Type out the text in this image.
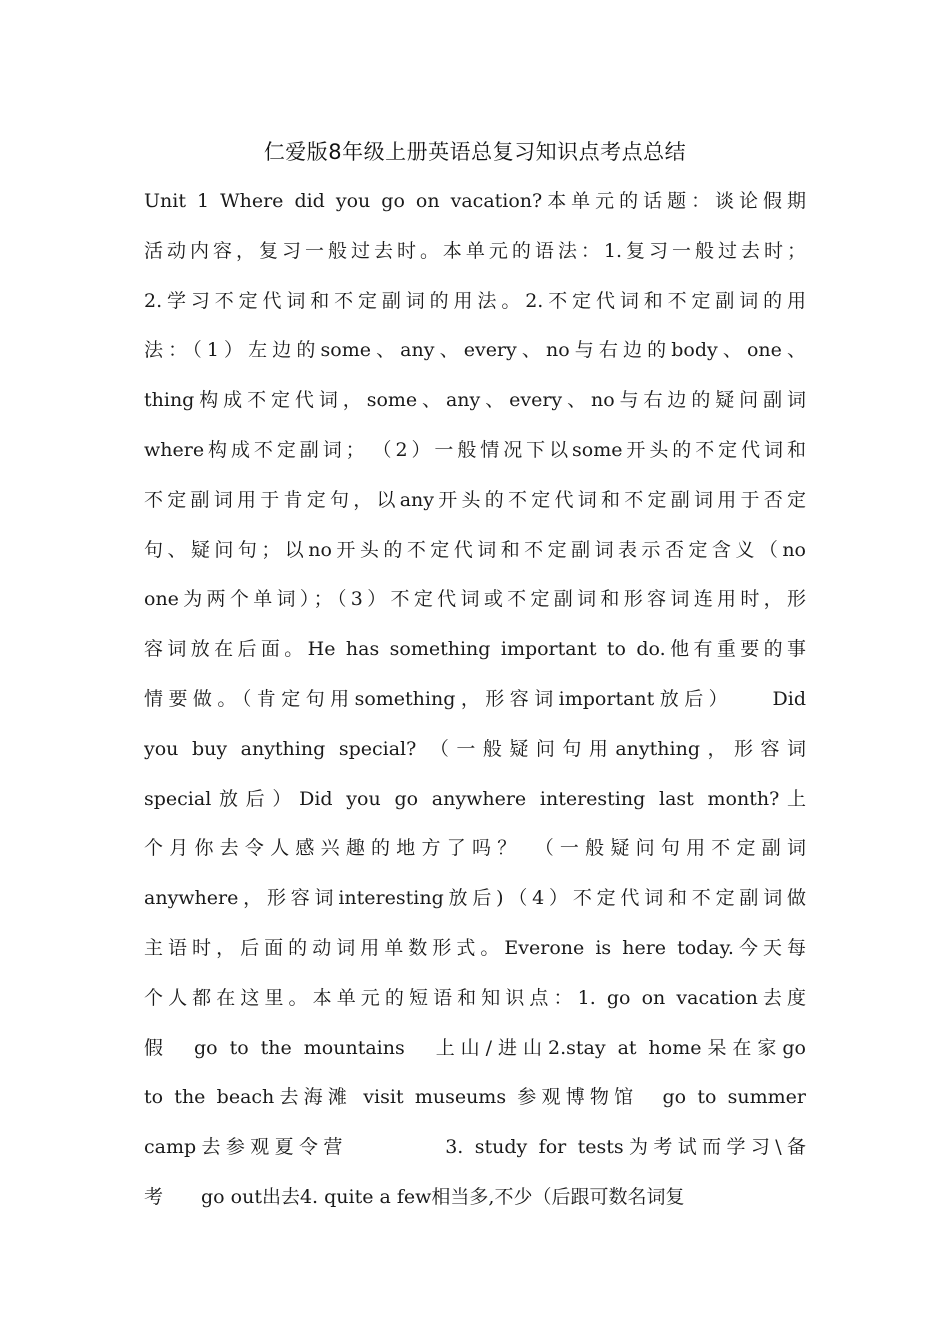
仁爱版8年级上册英语总复习知识点考点总结
Unit 1 Where did you go on vacation?本单元的话题：谈论假期
活动内容，复习一般过去时。本单元的语法：1.复习一般过去时；
2.学习不定代词和不定副词的用法。2.不定代词和不定副词的用
法：（1）左边的some、any、every、no与右边的body、one、
thing构成不定代词，some、any、every、no与右边的疑问副词
where构成不定副词；　（2）一般情况下以some开头的不定代词和
不定副词用于肯定句，以any开头的不定代词和不定副词用于否定
句、疑问句；以no开头的不定代词和不定副词表示否定含义（no
one为两个单词）；（3）不定代词或不定副词和形容词连用时，形
容词放在后面。He has something important to do.他有重要的事
情要做。（肯定句用something，形容词important放后）　　Did
you buy anything special? （一般疑问句用anything，形容词
special放后）Did you go anywhere interesting last month?上
个月你去令人感兴趣的地方了吗？ （一般疑问句用不定副词
anywhere，形容词interesting放后)（4）不定代词和不定副词做
主语时，后面的动词用单数形式。Everone is here today.今天每
个人都在这里。本单元的短语和知识点：1. go on vacation去度
假　go to the mountains　上山/进山2.stay at home呆在家go
to the beach去海滩 visit museums 参观博物馆　go to summer
camp去参观夏令营　　　　3. study for tests为考试而学习\备
考　　go out出去4. quite a few相当多,不少（后跟可数名词复
